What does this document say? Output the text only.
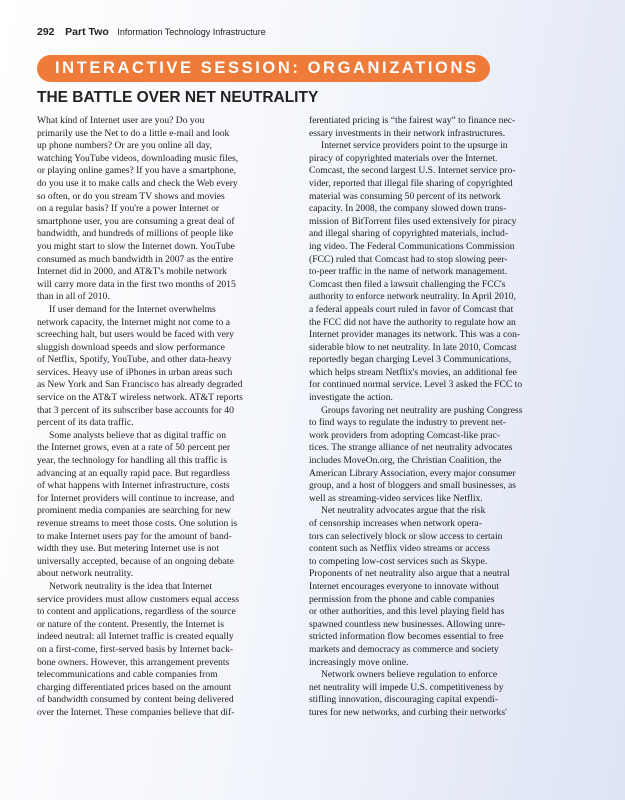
292 Part Two Information Technology Infrastructure
INTERACTIVE SESSION: ORGANIZATIONS
THE BATTLE OVER NET NEUTRALITY
What kind of Internet user are you? Do you
primarily use the Net to do a little e-mail and look
up phone numbers? Or are you online all day,
watching YouTube videos, downloading music files,
or playing online games? If you have a smartphone,
do you use it to make calls and check the Web every
so often, or do you stream TV shows and movies
on a regular basis? If you're a power Internet or
smartphone user, you are consuming a great deal of
bandwidth, and hundreds of millions of people like
you might start to slow the Internet down. YouTube
consumed as much bandwidth in 2007 as the entire
Internet did in 2000, and AT&T's mobile network
will carry more data in the first two months of 2015
than in all of 2010.
If user demand for the Internet overwhelms
network capacity, the Internet might not come to a
screeching halt, but users would be faced with very
sluggish download speeds and slow performance
of Netflix, Spotify, YouTube, and other data-heavy
services. Heavy use of iPhones in urban areas such
as New York and San Francisco has already degraded
service on the AT&T wireless network. AT&T reports
that 3 percent of its subscriber base accounts for 40
percent of its data traffic.
Some analysts believe that as digital traffic on
the Internet grows, even at a rate of 50 percent per
year, the technology for handling all this traffic is
advancing at an equally rapid pace. But regardless
of what happens with Internet infrastructure, costs
for Internet providers will continue to increase, and
prominent media companies are searching for new
revenue streams to meet those costs. One solution is
to make Internet users pay for the amount of band-
width they use. But metering Internet use is not
universally accepted, because of an ongoing debate
about network neutrality.
Network neutrality is the idea that Internet
service providers must allow customers equal access
to content and applications, regardless of the source
or nature of the content. Presently, the Internet is
indeed neutral: all Internet traffic is created equally
on a first-come, first-served basis by Internet back-
bone owners. However, this arrangement prevents
telecommunications and cable companies from
charging differentiated prices based on the amount
of bandwidth consumed by content being delivered
over the Internet. These companies believe that dif-
ferentiated pricing is “the fairest way” to finance nec-
essary investments in their network infrastructures.
Internet service providers point to the upsurge in
piracy of copyrighted materials over the Internet.
Comcast, the second largest U.S. Internet service pro-
vider, reported that illegal file sharing of copyrighted
material was consuming 50 percent of its network
capacity. In 2008, the company slowed down trans-
mission of BitTorrent files used extensively for piracy
and illegal sharing of copyrighted materials, includ-
ing video. The Federal Communications Commission
(FCC) ruled that Comcast had to stop slowing peer-
to-peer traffic in the name of network management.
Comcast then filed a lawsuit challenging the FCC's
authority to enforce network neutrality. In April 2010,
a federal appeals court ruled in favor of Comcast that
the FCC did not have the authority to regulate how an
Internet provider manages its network. This was a con-
siderable blow to net neutrality. In late 2010, Comcast
reportedly began charging Level 3 Communications,
which helps stream Netflix's movies, an additional fee
for continued normal service. Level 3 asked the FCC to
investigate the action.
Groups favoring net neutrality are pushing Congress
to find ways to regulate the industry to prevent net-
work providers from adopting Comcast-like prac-
tices. The strange alliance of net neutrality advocates
includes MoveOn.org, the Christian Coalition, the
American Library Association, every major consumer
group, and a host of bloggers and small businesses, as
well as streaming-video services like Netflix.
Net neutrality advocates argue that the risk
of censorship increases when network opera-
tors can selectively block or slow access to certain
content such as Netflix video streams or access
to competing low-cost services such as Skype.
Proponents of net neutrality also argue that a neutral
Internet encourages everyone to innovate without
permission from the phone and cable companies
or other authorities, and this level playing field has
spawned countless new businesses. Allowing unre-
stricted information flow becomes essential to free
markets and democracy as commerce and society
increasingly move online.
Network owners believe regulation to enforce
net neutrality will impede U.S. competitiveness by
stifling innovation, discouraging capital expendi-
tures for new networks, and curbing their networks'
